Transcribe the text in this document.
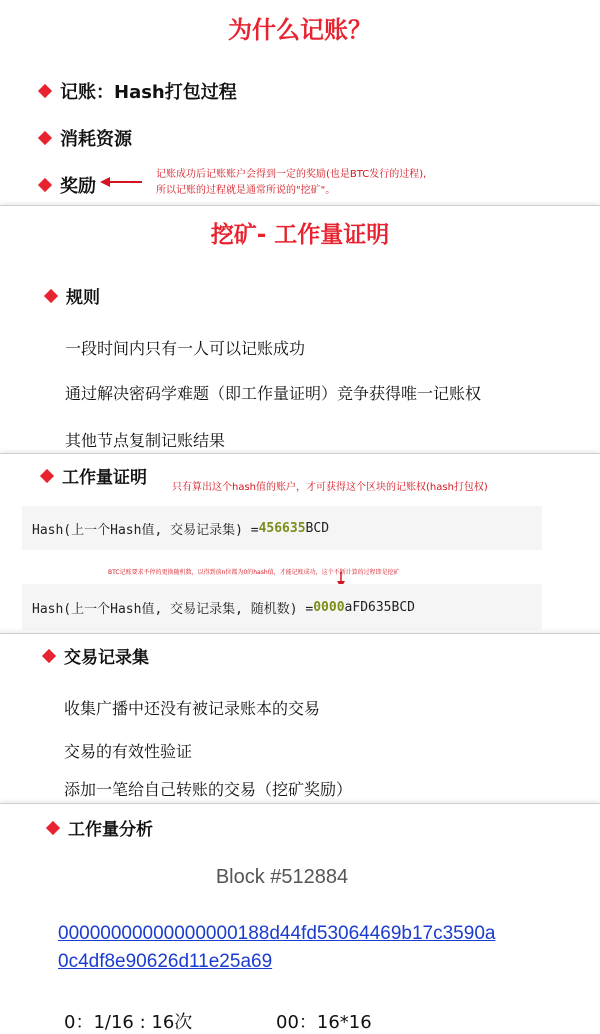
为什么记账？
记账：Hash打包过程
消耗资源
奖励
记账成功后记账账户会得到一定的奖励(也是BTC发行的过程),
所以记账的过程就是通常所说的"挖矿"。
挖矿- 工作量证明
规则
一段时间内只有一人可以记账成功
通过解决密码学难题（即工作量证明）竞争获得唯一记账权
其他节点复制记账结果
工作量证明	只有算出这个hash值的账户，才可获得这个区块的记账权(hash打包权)
Hash(上一个Hash值, 交易记录集) = 456635 BCD
BTC记账要求不停的更换随机数，以得到前n位都为0的hash值，才能记账成功，这个不断计算的过程即是挖矿
Hash(上一个Hash值, 交易记录集, 随机数) = 0000 aFD635BCD
交易记录集
收集广播中还没有被记录账本的交易
交易的有效性验证
添加一笔给自己转账的交易（挖矿奖励）
工作量分析
Block #512884
00000000000000000188d44fd53064469b17c3590a
0c4df8e90626d11e25a69
0：1/16 : 16次	00：16*16
